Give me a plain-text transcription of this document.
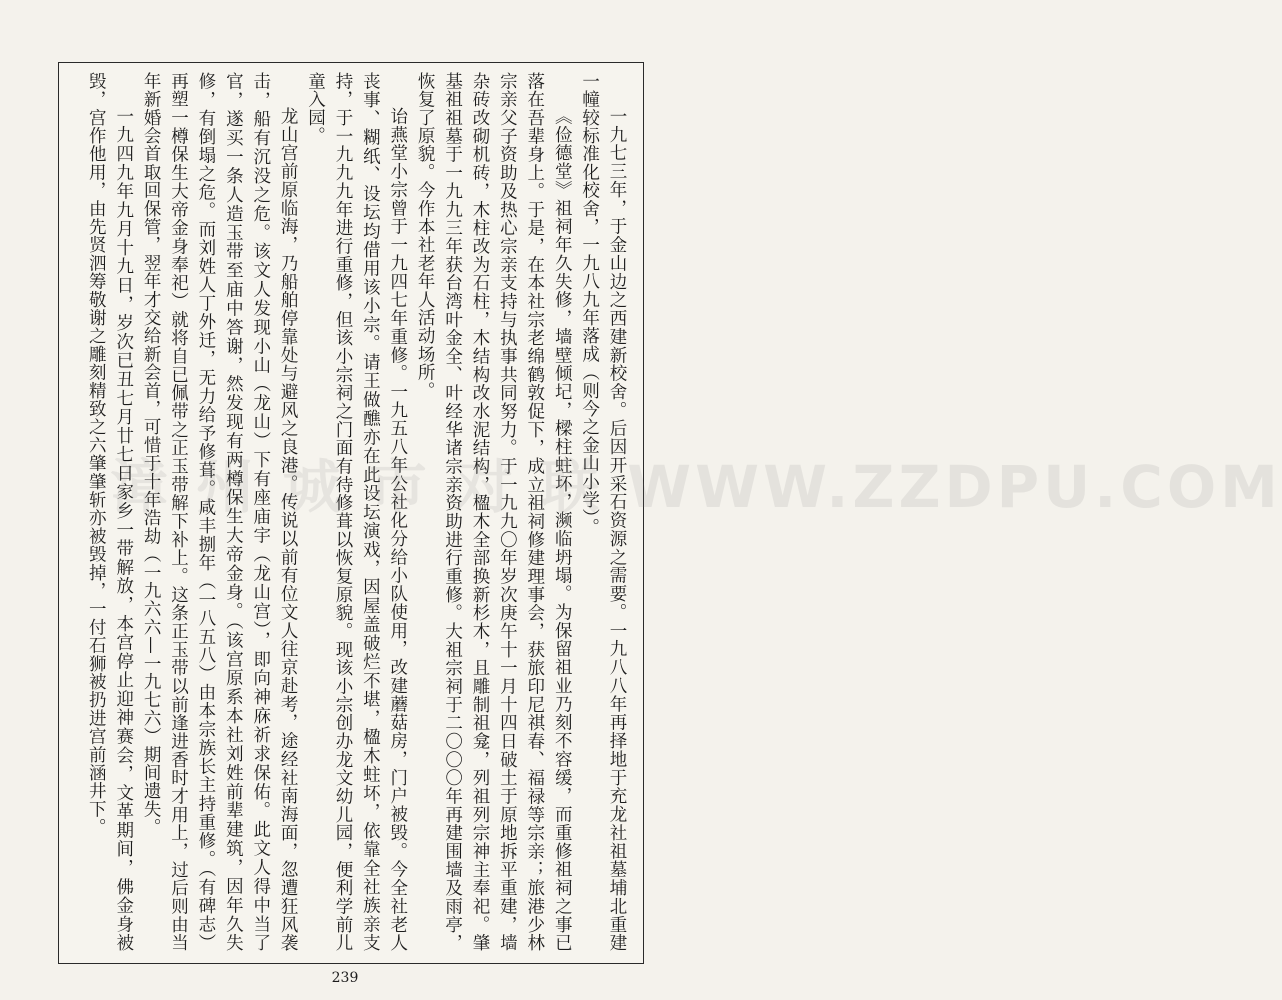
一九七三年，于金山边之西建新校舍。后因开采石资源之需要。一九八八年再择地于充龙社祖墓埔北重建一幢较标准化校舍，一九八九年落成（则今之金山小学）。

《俭德堂》祖祠年久失修，墙壁倾圮，樑柱蛀坏，濒临坍塌。为保留祖业乃刻不容缓，而重修祖祠之事已落在吾辈身上。于是，在本社宗老绵鹤敦促下，成立祖祠修建理事会，获旅印尼祺春、福禄等宗亲；旅港少林宗亲父子资助及热心宗亲支持与执事共同努力。于一九九〇年岁次庚午十一月十四日破土于原地拆平重建，墙杂砖改砌机砖，木柱改为石柱，木结构改水泥结构，楹木全部换新杉木，且雕制祖龛，列祖列宗神主奉祀。肇基祖祖墓于一九九三年获台湾叶金全、叶经华诸宗亲资助进行重修。大祖宗祠于二〇〇〇年再建围墙及雨亭，恢复了原貌。今作本社老年人活动场所。

诒燕堂小宗曾于一九四七年重修。一九五八年公社化分给小队使用，改建蘑菇房，门户被毁。今全社老人丧事、糊纸、设坛均借用该小宗。请王做醮亦在此设坛演戏，因屋盖破烂不堪，楹木蛀坏，依靠全社族亲支持，于一九九九年进行重修，但该小宗祠之门面有待修葺以恢复原貌。现该小宗创办龙文幼儿园，便利学前儿童入园。

龙山宫前原临海，乃船舶停靠处与避风之良港。传说以前有位文人往京赴考，途经社南海面，忽遭狂风袭击，船有沉没之危。该文人发现小山（龙山）下有座庙宇（龙山宫），即向神庥祈求保佑。此文人得中当了官，遂买一条人造玉带至庙中答谢，然发现有两樽保生大帝金身。（该宫原系本社刘姓前辈建筑，因年久失修，有倒塌之危。而刘姓人丁外迁，无力给予修葺。咸丰捌年（一八五八）由本宗族长主持重修。（有碑志）再塑一樽保生大帝金身奉祀）就将自已佩带之正玉带解下补上。这条正玉带以前逢进香时才用上，过后则由当年新婚会首取回保管，翌年才交给新会首，可惜于十年浩劫（一九六六—一九七六）期间遗失。

一九四九年九月十九日，岁次已丑七月廿七日家乡一带解放，本宫停止迎神赛会，文革期间，佛金身被毁，宫作他用，由先贤泗筹敬谢之雕刻精致之六肇肇斩亦被毁掉，一付石狮被扔进宫前涵井下。	WWW.ZZDPU.COM
239
